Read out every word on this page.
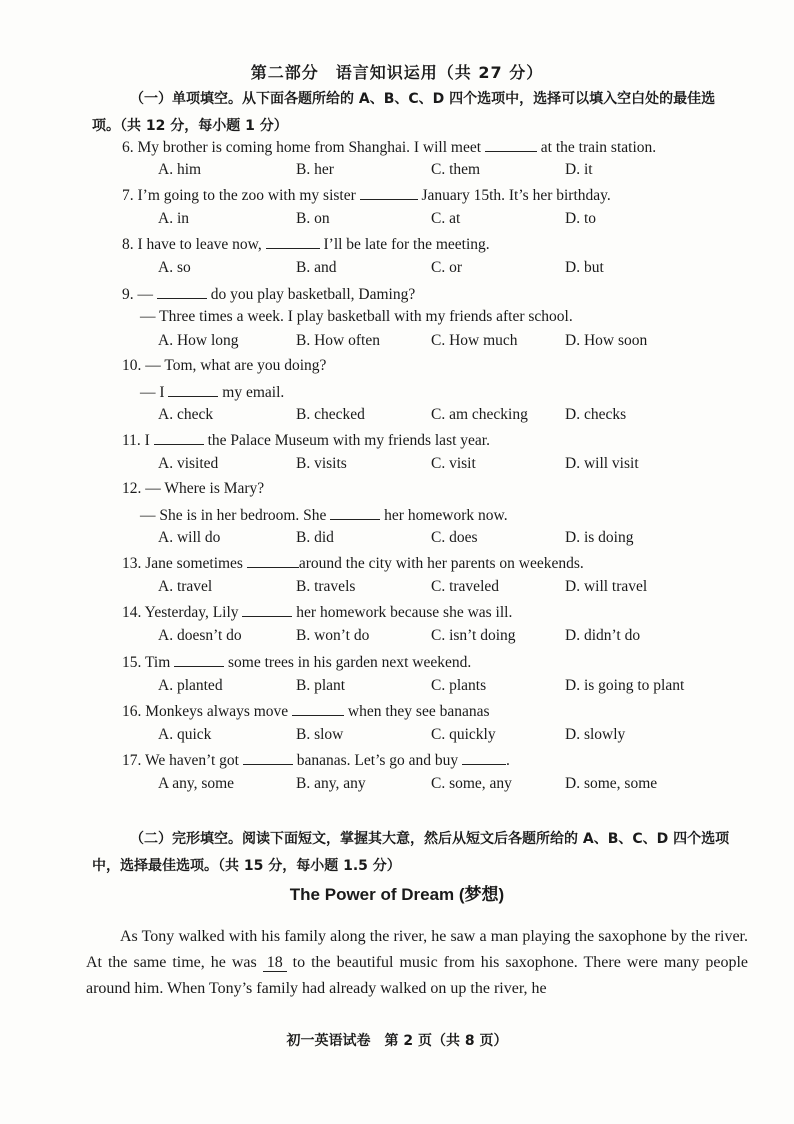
第二部分　语言知识运用（共 27 分）
（一）单项填空。从下面各题所给的 A、B、C、D 四个选项中，选择可以填入空白处的最佳选项。（共 12 分，每小题 1 分）
6. My brother is coming home from Shanghai. I will meet	at the train station.
A. him	B. her	C. them	D. it
7. I’m going to the zoo with my sister	January 15th. It’s her birthday.
A. in	B. on	C. at	D. to
8. I have to leave now,	I’ll be late for the meeting.
A. so	B. and	C. or	D. but
9. —	do you play basketball, Daming?
— Three times a week. I play basketball with my friends after school.
A. How long	B. How often	C. How much	D. How soon
10. — Tom, what are you doing?
— I	my email.
A. check	B. checked	C. am checking D. checks
11. I	the Palace Museum with my friends last year.
A. visited	B. visits	C. visit	D. will visit
12. — Where is Mary?
— She is in her bedroom. She	her homework now.
A. will do	B. did	C. does	D. is doing
13. Jane sometimes	around the city with her parents on weekends.
A. travel	B. travels	C. traveled	D. will travel
14. Yesterday, Lily	her homework because she was ill.
A. doesn’t do	B. won’t do	C. isn’t doing	D. didn’t do
15. Tim	some trees in his garden next weekend.
A. planted	B. plant	C. plants	D. is going to plant
16. Monkeys always move	when they see bananas
A. quick	B. slow	C. quickly	D. slowly
17. We haven’t got	bananas. Let’s go and buy	.
A any, some	B. any, any	C. some, any	D. some, some
（二）完形填空。阅读下面短文，掌握其大意，然后从短文后各题所给的 A、B、C、D 四个选项中，选择最佳选项。（共 15 分，每小题 1.5 分）
The Power of Dream (梦想)

As Tony walked with his family along the river, he saw a man playing the saxophone by the river. At the same time, he was 18 to the beautiful music from his saxophone. There were many people around him. When Tony’s family had already walked on up the river, he

初一英语试卷　第 2 页（共 8 页）
